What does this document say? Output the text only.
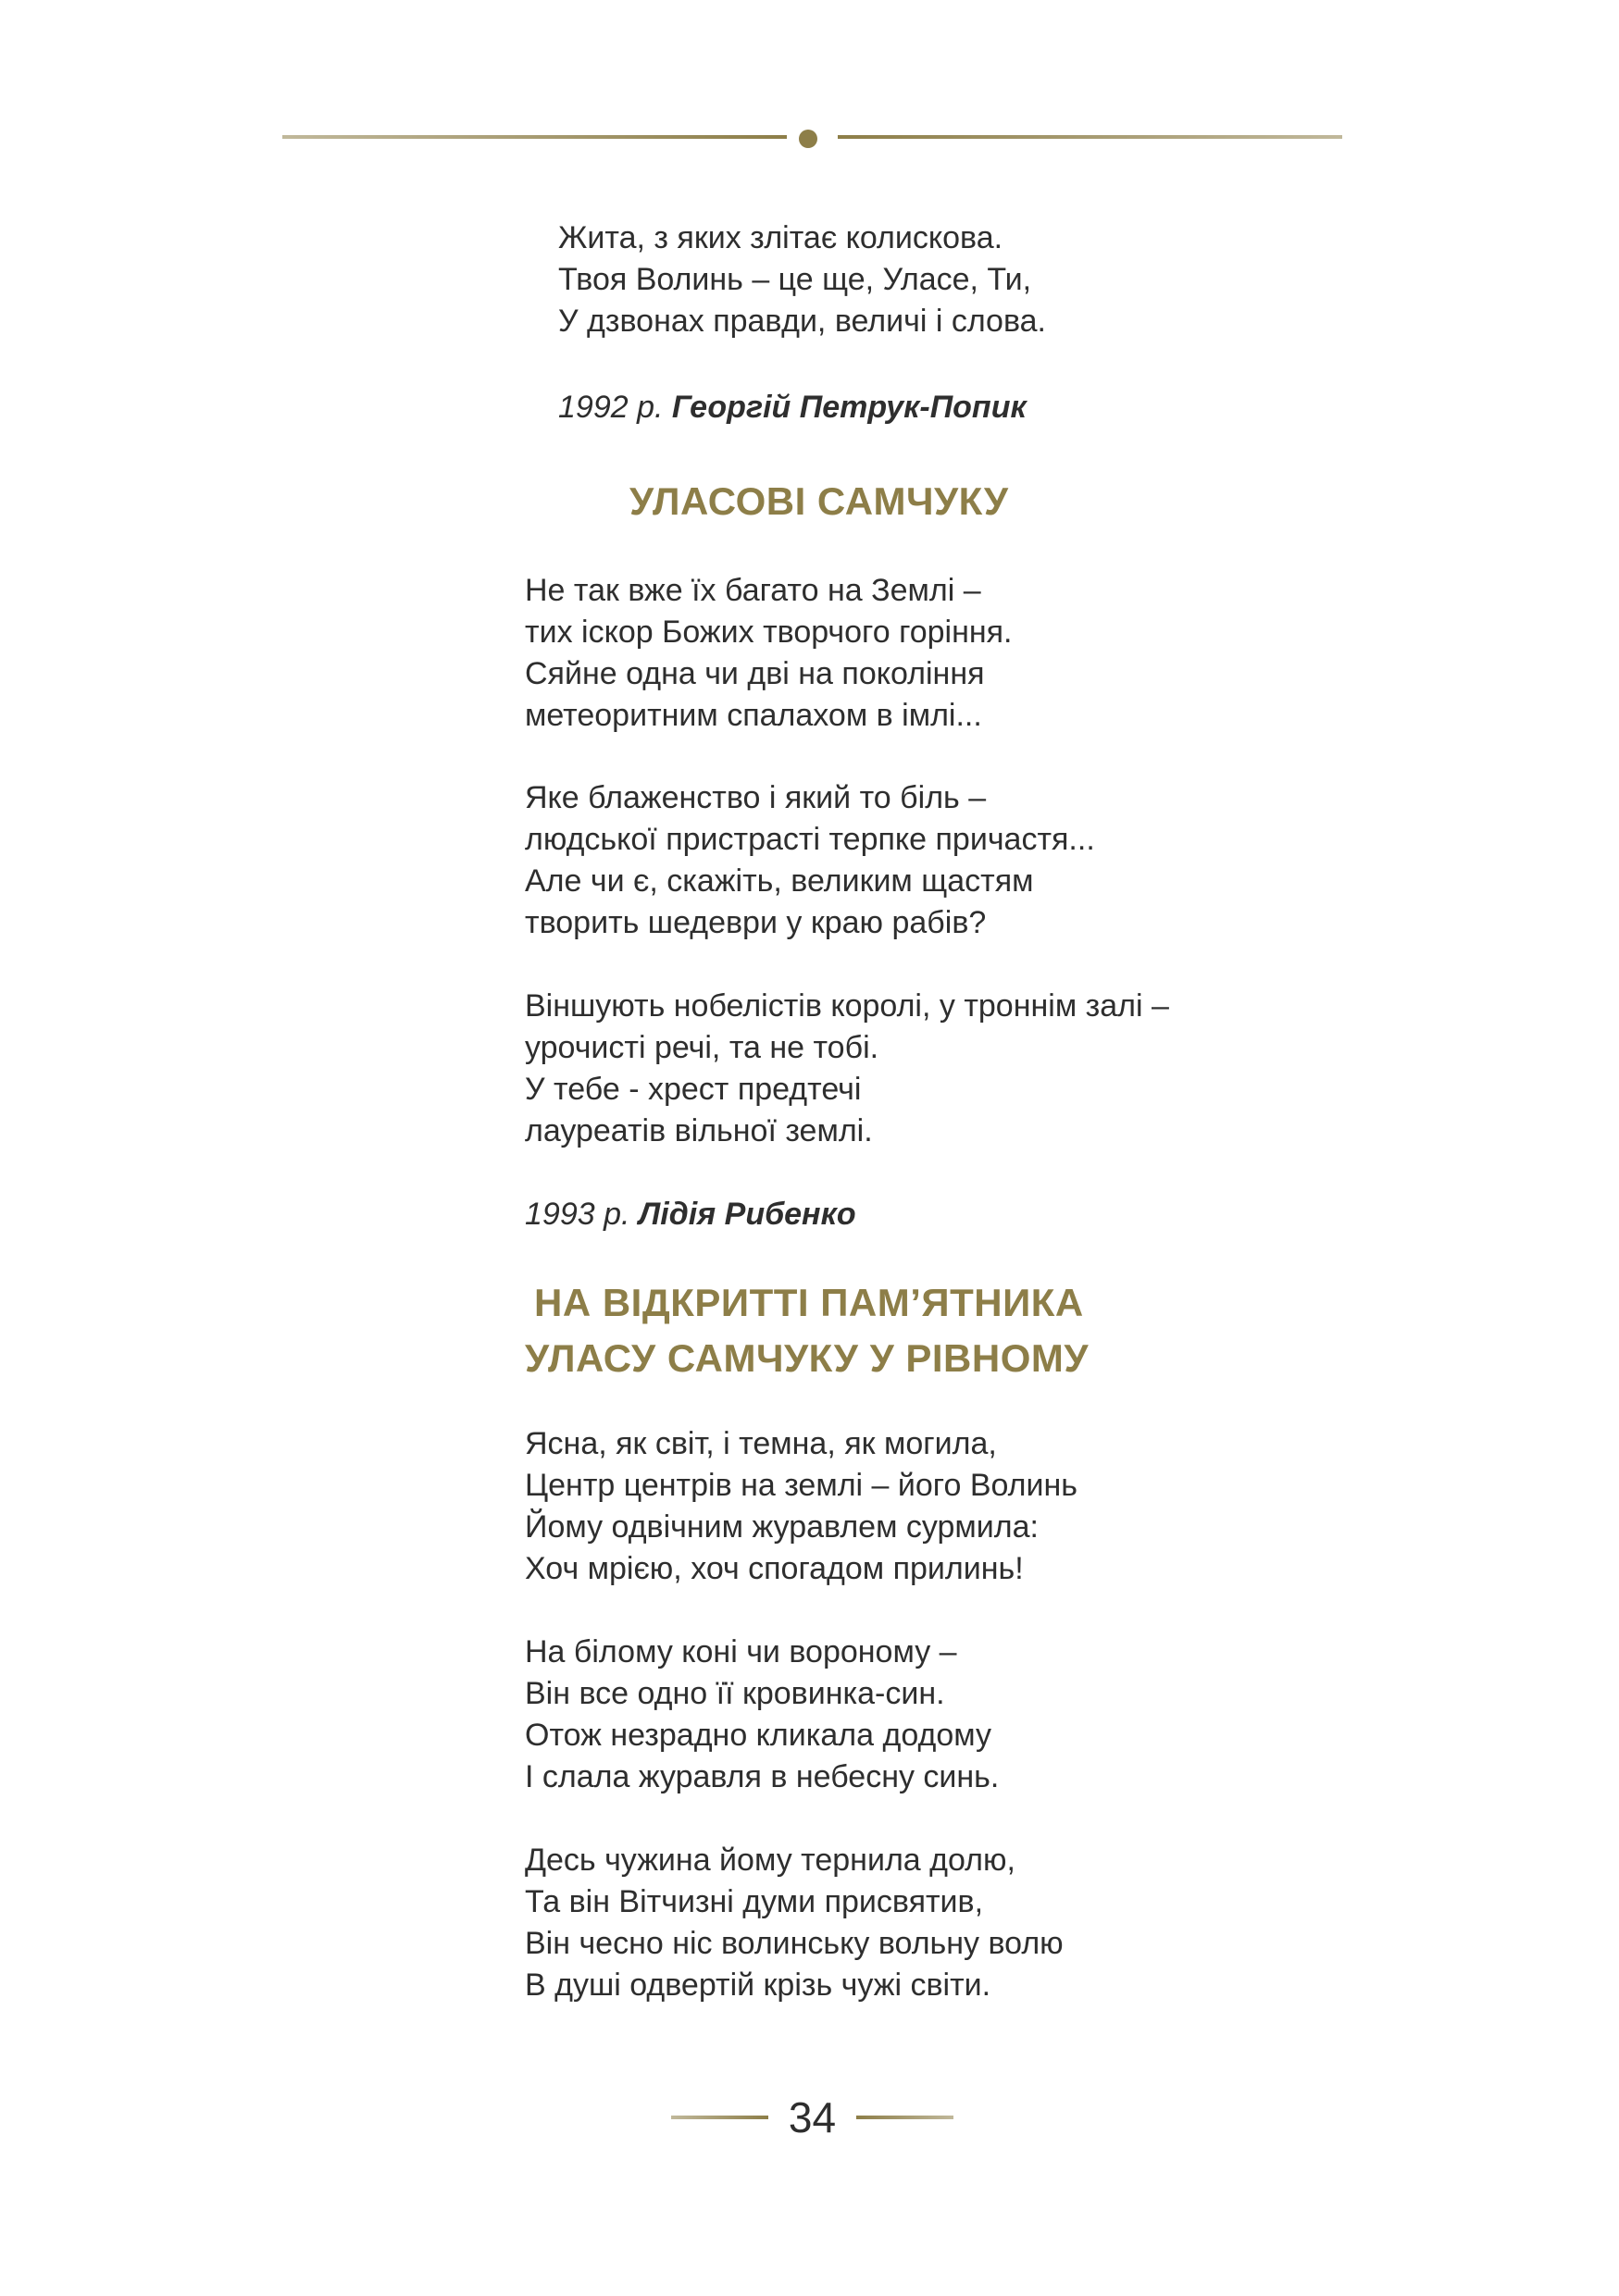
Жита, з яких злітає колискова.
Твоя Волинь – це ще, Уласе, Ти,
У дзвонах правди, величі і слова.
1992 р. Георгій Петрук-Попик
УЛАСОВІ САМЧУКУ
Не так вже їх багато на Землі –
тих іскор Божих творчого горіння.
Сяйне одна чи дві на покоління
метеоритним спалахом в імлі...
Яке блаженство і який то біль –
людської пристрасті терпке причастя...
Але чи є, скажіть, великим щастям
творить шедеври у краю рабів?
Віншують нобелістів королі, у троннім залі –
урочисті речі, та не тобі.
У тебе - хрест предтечі
лауреатів вільної землі.
1993 р. Лідія Рибенко
НА ВІДКРИТТІ ПАМ’ЯТНИКА
УЛАСУ САМЧУКУ У РІВНОМУ
Ясна, як світ, і темна, як могила,
Центр центрів на землі – його Волинь
Йому одвічним журавлем сурмила:
Хоч мрією, хоч спогадом прилинь!
На білому коні чи вороному –
Він все одно її кровинка-син.
Отож незрадно кликала додому
І слала журавля в небесну синь.
Десь чужина йому тернила долю,
Та він Вітчизні думи присвятив,
Він чесно ніс волинську вольну волю
В душі одвертій крізь чужі світи.
34
